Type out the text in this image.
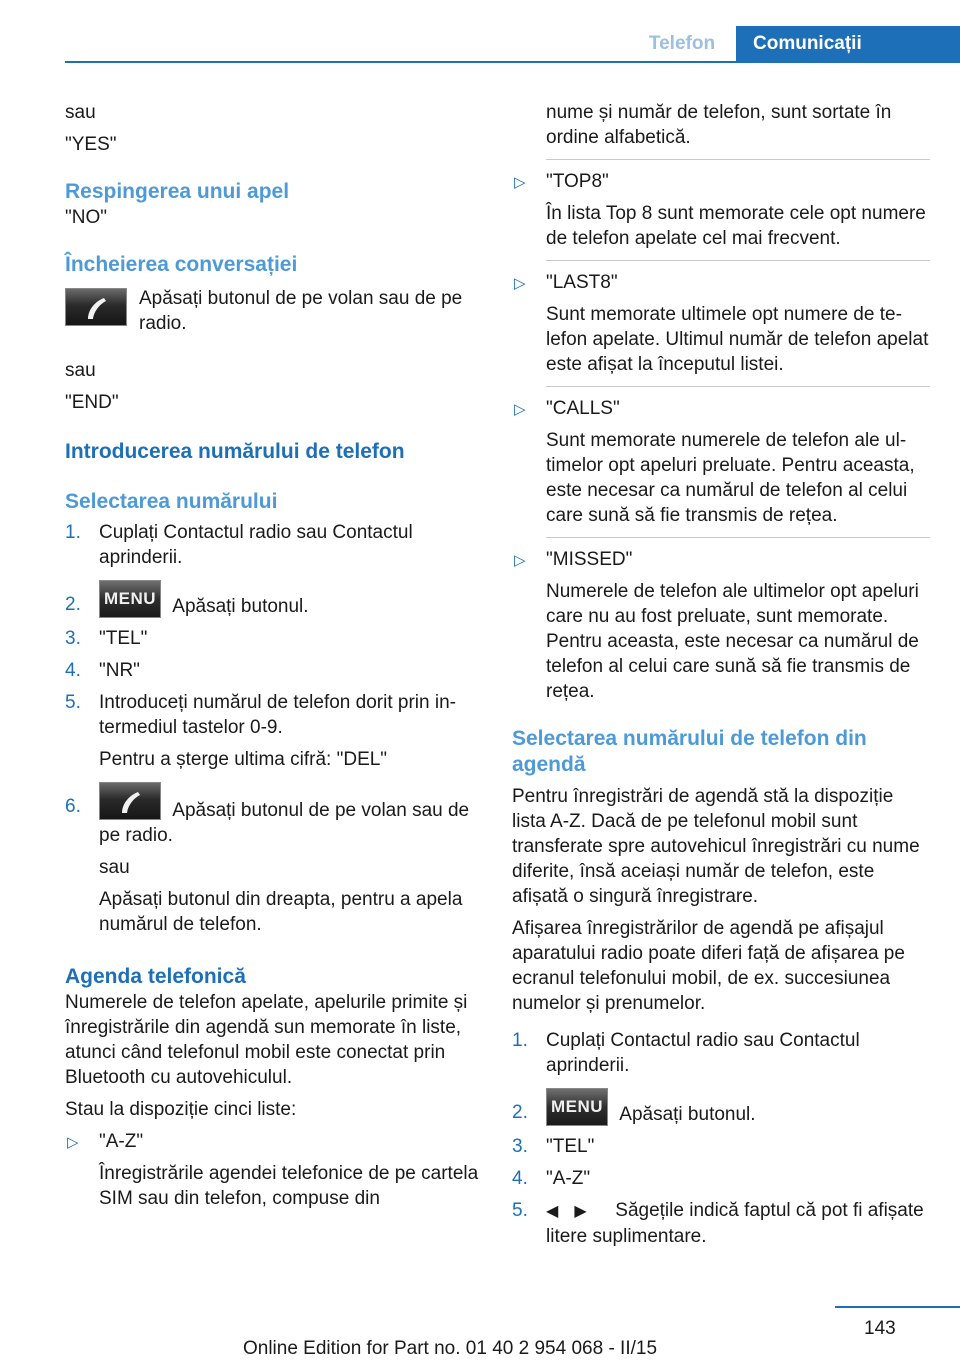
Telefon	Comunicații

sau

"YES"

Respingerea unui apel

"NO"

Încheierea conversației

Apăsați butonul de pe volan sau de pe radio.

sau

"END"

Introducerea numărului de telefon

Selectarea numărului

1. Cuplați Contactul radio sau Contactul aprinderii.
2. MENU Apăsați butonul.
3. "TEL"
4. "NR"
5. Introduceți numărul de telefon dorit prin intermediul tastelor 0-9.

Pentru a șterge ultima cifră: "DEL"

6.	Apăsați butonul de pe volan sau de pe radio.

sau

Apăsați butonul din dreapta, pentru a apela numărul de telefon.

Agenda telefonică

Numerele de telefon apelate, apelurile primite și înregistrările din agendă sun memorate în liste, atunci când telefonul mobil este conectat prin Bluetooth cu autovehiculul.

Stau la dispoziție cinci liste:

▷ "A-Z"

Înregistrările agendei telefonice de pe cartela SIM sau din telefon, compuse din

nume și număr de telefon, sunt sortate în ordine alfabetică.

▷ "TOP8"

În lista Top 8 sunt memorate cele opt numere de telefon apelate cel mai frecvent.

▷ "LAST8"

Sunt memorate ultimele opt numere de telefon apelate. Ultimul număr de telefon apelat este afișat la începutul listei.

▷ "CALLS"

Sunt memorate numerele de telefon ale ultimelor opt apeluri preluate. Pentru aceasta, este necesar ca numărul de telefon al celui care sună să fie transmis de rețea.

▷ "MISSED"

Numerele de telefon ale ultimelor opt apeluri care nu au fost preluate, sunt memorate. Pentru aceasta, este necesar ca numărul de telefon al celui care sună să fie transmis de rețea.

Selectarea numărului de telefon din agendă

Pentru înregistrări de agendă stă la dispoziție lista A-Z. Dacă de pe telefonul mobil sunt transferate spre autovehicul înregistrări cu nume diferite, însă aceiași număr de telefon, este afișată o singură înregistrare.

Afișarea înregistrărilor de agendă pe afișajul aparatului radio poate diferi față de afișarea pe ecranul telefonului mobil, de ex. succesiunea numelor și prenumelor.

1. Cuplați Contactul radio sau Contactul aprinderii.
2. MENU Apăsați butonul.
3. "TEL"
4. "A-Z"
5. ◀ ▶ Săgețile indică faptul că pot fi afișate litere suplimentare.
143
Online Edition for Part no. 01 40 2 954 068 - II/15
